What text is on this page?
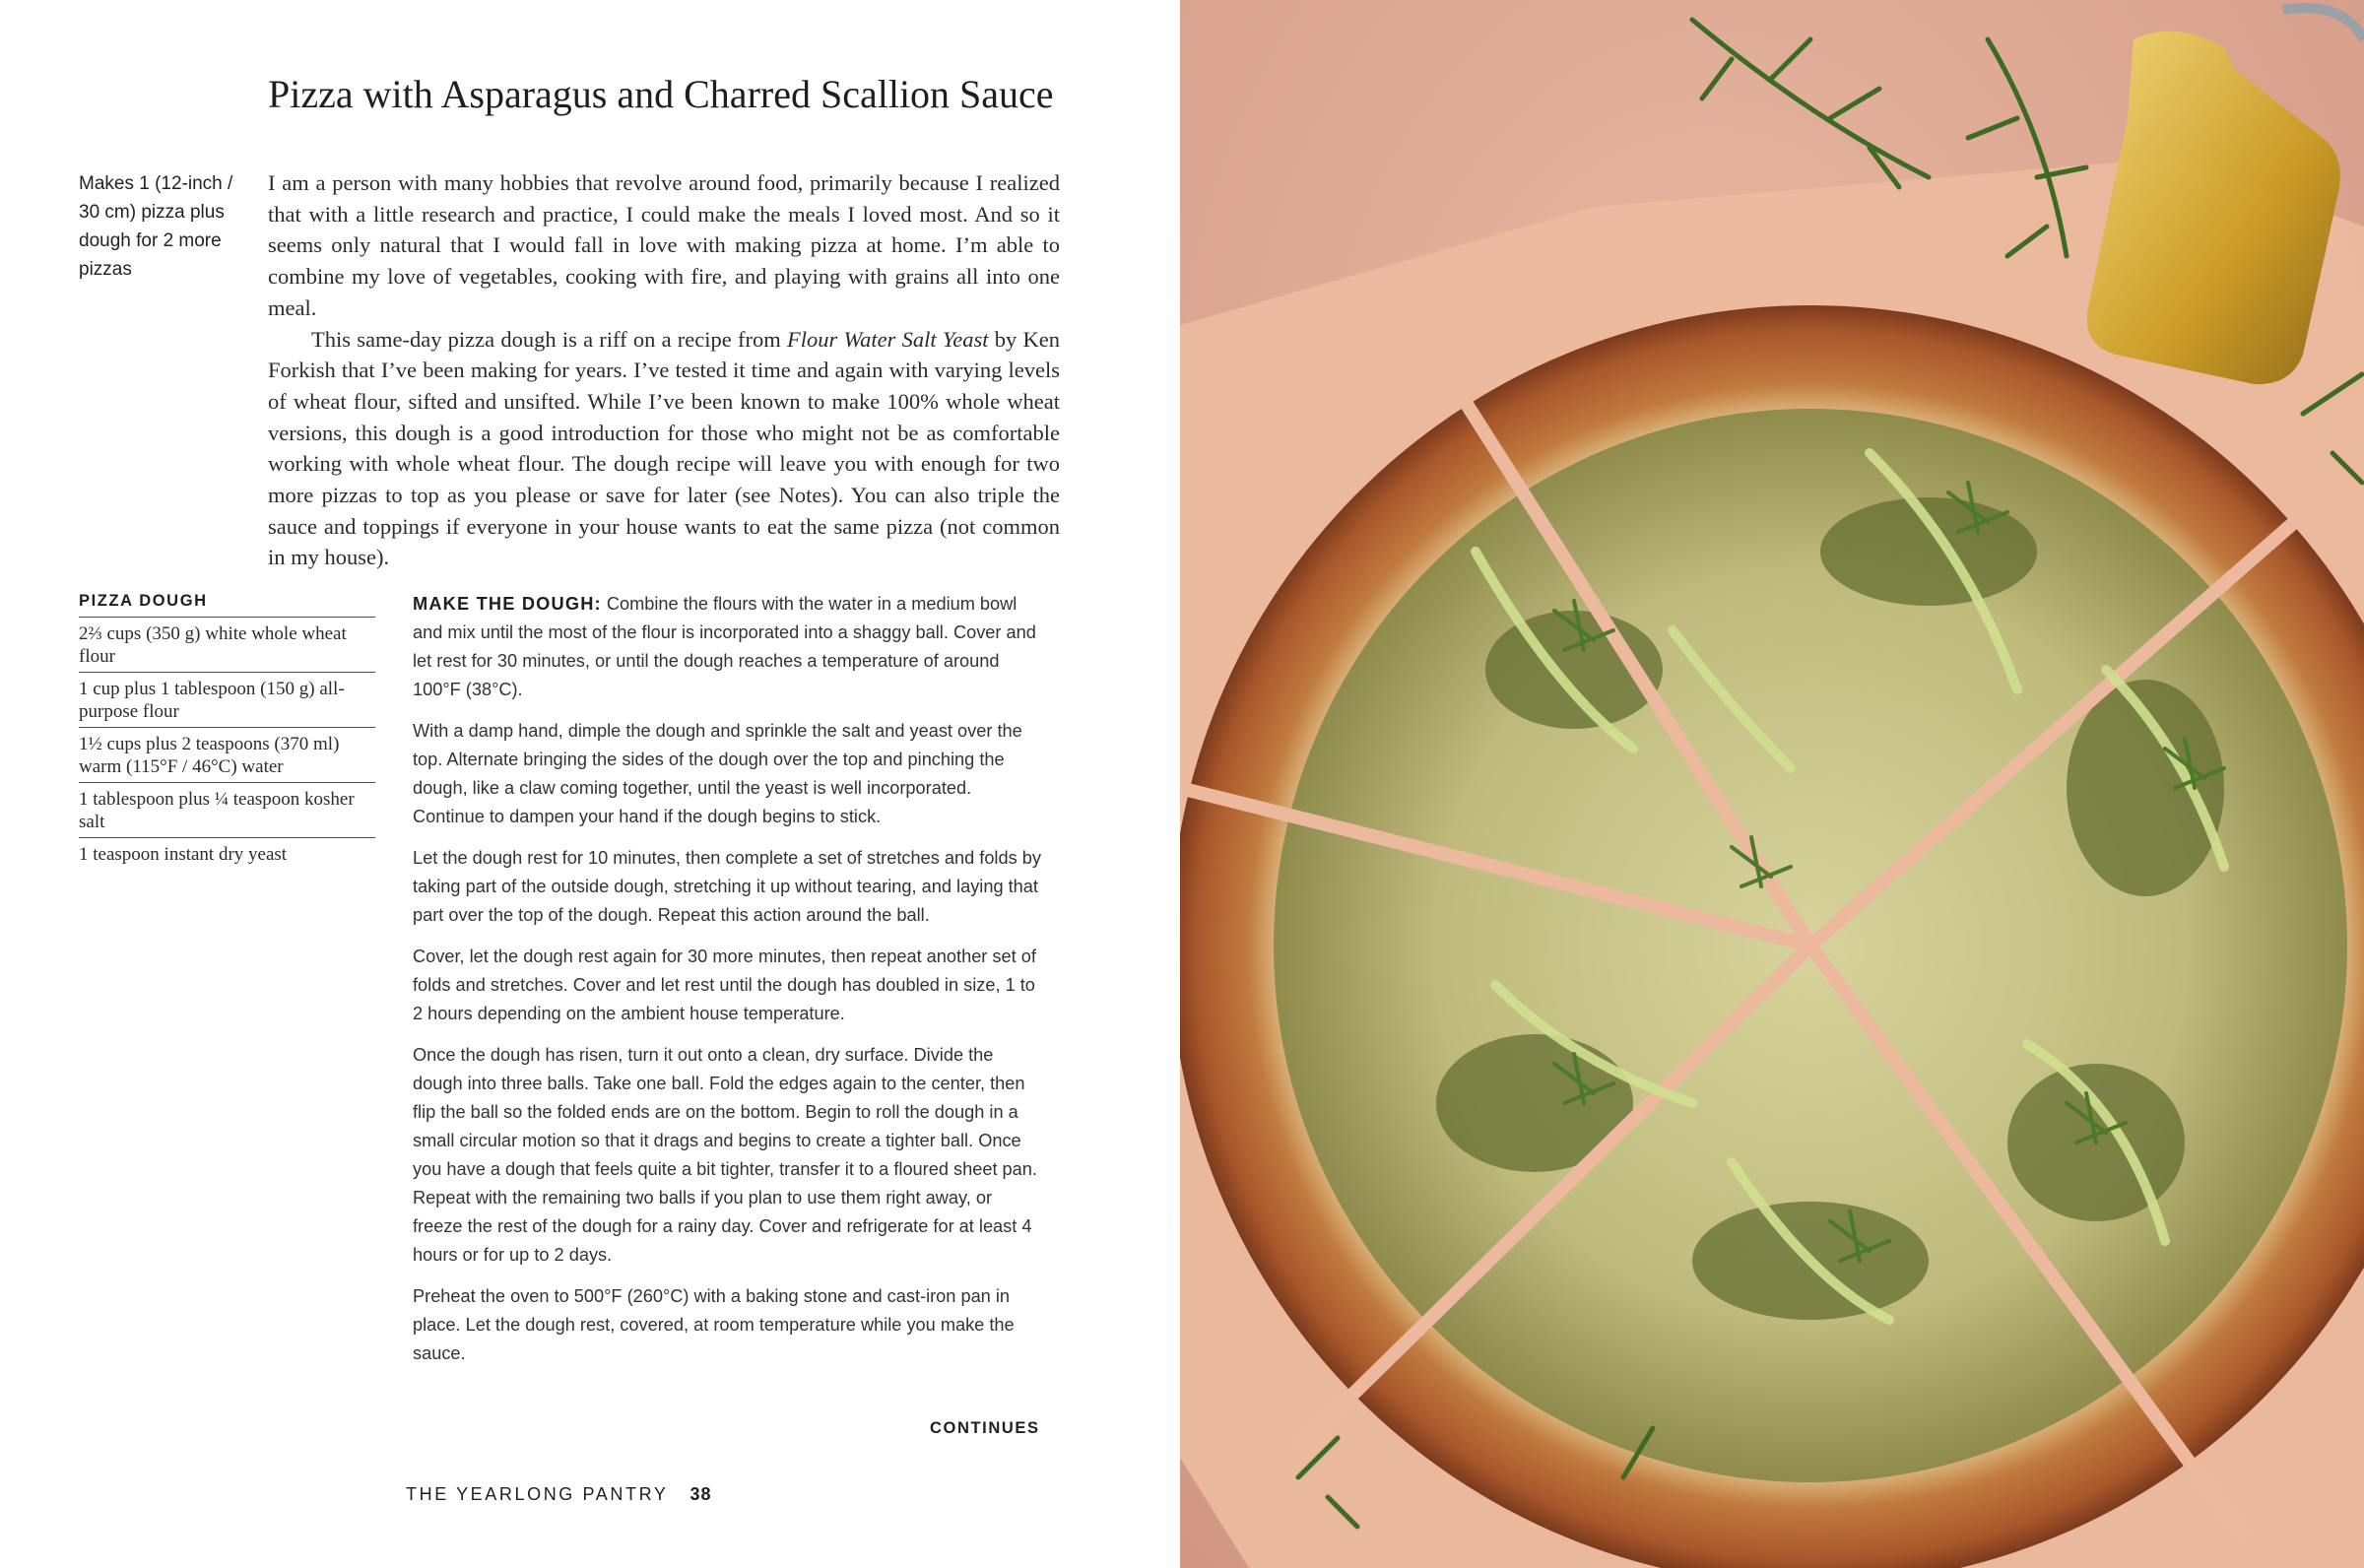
Pizza with Asparagus and Charred Scallion Sauce
Makes 1 (12-inch / 30 cm) pizza plus dough for 2 more pizzas

I am a person with many hobbies that revolve around food, primarily because I realized that with a little research and practice, I could make the meals I loved most. And so it seems only natural that I would fall in love with making pizza at home. I’m able to combine my love of vegetables, cooking with fire, and playing with grains all into one meal.

This same-day pizza dough is a riff on a recipe from Flour Water Salt Yeast by Ken Forkish that I’ve been making for years. I’ve tested it time and again with varying levels of wheat flour, sifted and unsifted. While I’ve been known to make 100% whole wheat versions, this dough is a good introduction for those who might not be as comfortable working with whole wheat flour. The dough recipe will leave you with enough for two more pizzas to top as you please or save for later (see Notes). You can also triple the sauce and toppings if everyone in your house wants to eat the same pizza (not common in my house).

PIZZA DOUGH
2⅔ cups (350 g) white whole wheat flour
1 cup plus 1 tablespoon (150 g) all-purpose flour
1½ cups plus 2 teaspoons (370 ml) warm (115°F / 46°C) water
1 tablespoon plus ¼ teaspoon kosher salt
1 teaspoon instant dry yeast

MAKE THE DOUGH: Combine the flours with the water in a medium bowl and mix until the most of the flour is incorporated into a shaggy ball. Cover and let rest for 30 minutes, or until the dough reaches a temperature of around 100°F (38°C).

With a damp hand, dimple the dough and sprinkle the salt and yeast over the top. Alternate bringing the sides of the dough over the top and pinching the dough, like a claw coming together, until the yeast is well incorporated. Continue to dampen your hand if the dough begins to stick.

Let the dough rest for 10 minutes, then complete a set of stretches and folds by taking part of the outside dough, stretching it up without tearing, and laying that part over the top of the dough. Repeat this action around the ball.

Cover, let the dough rest again for 30 more minutes, then repeat another set of folds and stretches. Cover and let rest until the dough has doubled in size, 1 to 2 hours depending on the ambient house temperature.

Once the dough has risen, turn it out onto a clean, dry surface. Divide the dough into three balls. Take one ball. Fold the edges again to the center, then flip the ball so the folded ends are on the bottom. Begin to roll the dough in a small circular motion so that it drags and begins to create a tighter ball. Once you have a dough that feels quite a bit tighter, transfer it to a floured sheet pan. Repeat with the remaining two balls if you plan to use them right away, or freeze the rest of the dough for a rainy day. Cover and refrigerate for at least 4 hours or for up to 2 days.

Preheat the oven to 500°F (260°C) with a baking stone and cast-iron pan in place. Let the dough rest, covered, at room temperature while you make the sauce.

CONTINUES
THE YEARLONG PANTRY 38
